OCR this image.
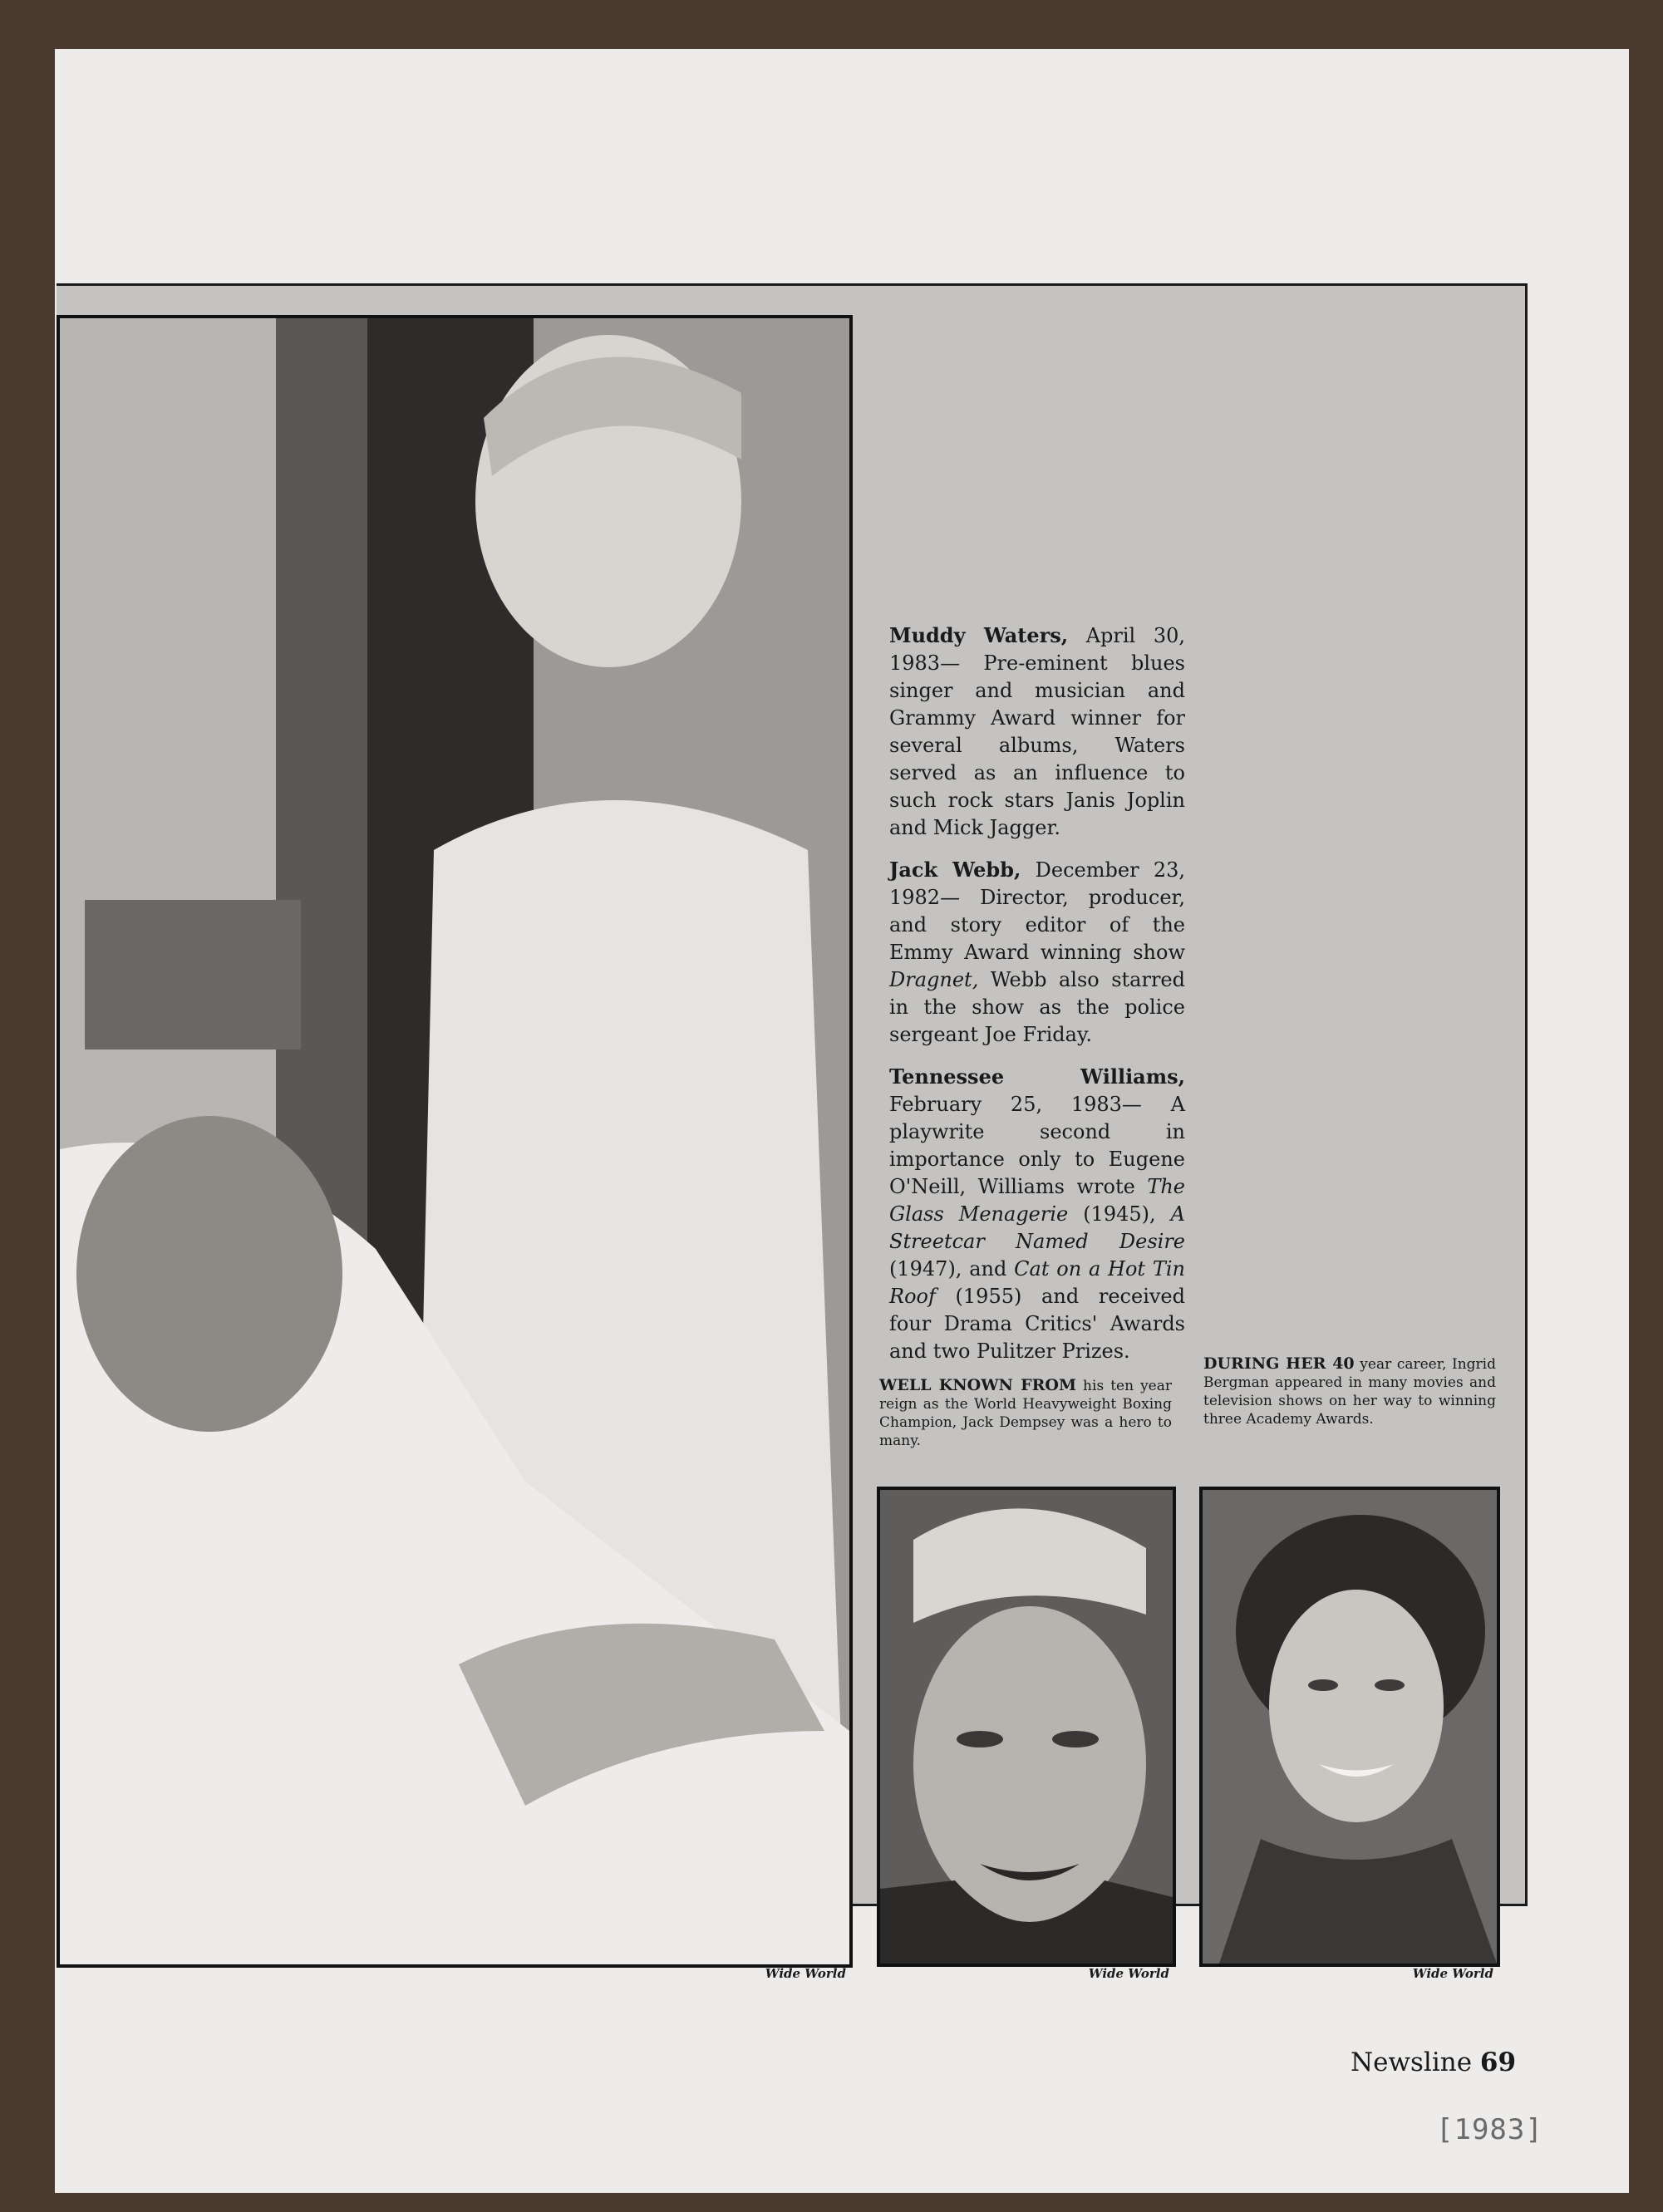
Wide World

Muddy Waters, April 30, 1983— Pre-eminent blues singer and musician and Grammy Award winner for several albums, Waters served as an influence to such rock stars Janis Joplin and Mick Jagger.

Jack Webb, December 23, 1982— Director, producer, and story editor of the Emmy Award winning show Dragnet, Webb also starred in the show as the police sergeant Joe Friday.

Tennessee Williams, February 25, 1983— A playwrite second in importance only to Eugene O'Neill, Williams wrote The Glass Menagerie (1945), A Streetcar Named Desire (1947), and Cat on a Hot Tin Roof (1955) and received four Drama Critics' Awards and two Pulitzer Prizes.

WELL KNOWN FROM his ten year reign as the World Heavyweight Boxing Champion, Jack Dempsey was a hero to many.
DURING HER 40 year career, Ingrid Bergman appeared in many movies and television shows on her way to winning three Academy Awards.
Wide World	Wide World
Newsline 69
[1983]
